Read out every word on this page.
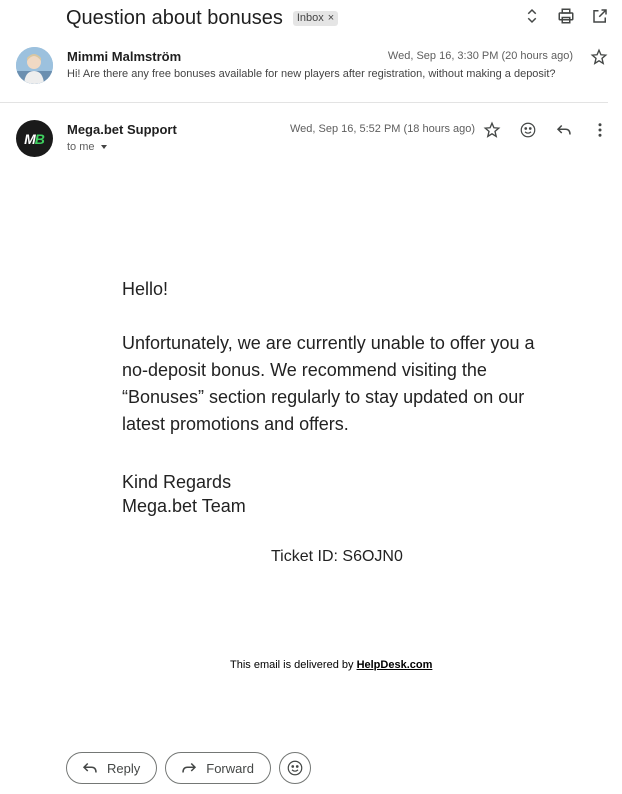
Question about bonuses Inbox ×
Mimmi Malmström	Wed, Sep 16, 3:30 PM (20 hours ago)
Hi! Are there any free bonuses available for new players after registration, without making a deposit?
M B
Mega.bet Support
to me
Wed, Sep 16, 5:52 PM (18 hours ago)
Hello!
Unfortunately, we are currently unable to offer you a no-deposit bonus. We recommend visiting the “Bonuses” section regularly to stay updated on our latest promotions and offers.
Kind Regards
Mega.bet Team
Ticket ID: S6OJN0
This email is delivered by HelpDesk.com
Reply	Forward
